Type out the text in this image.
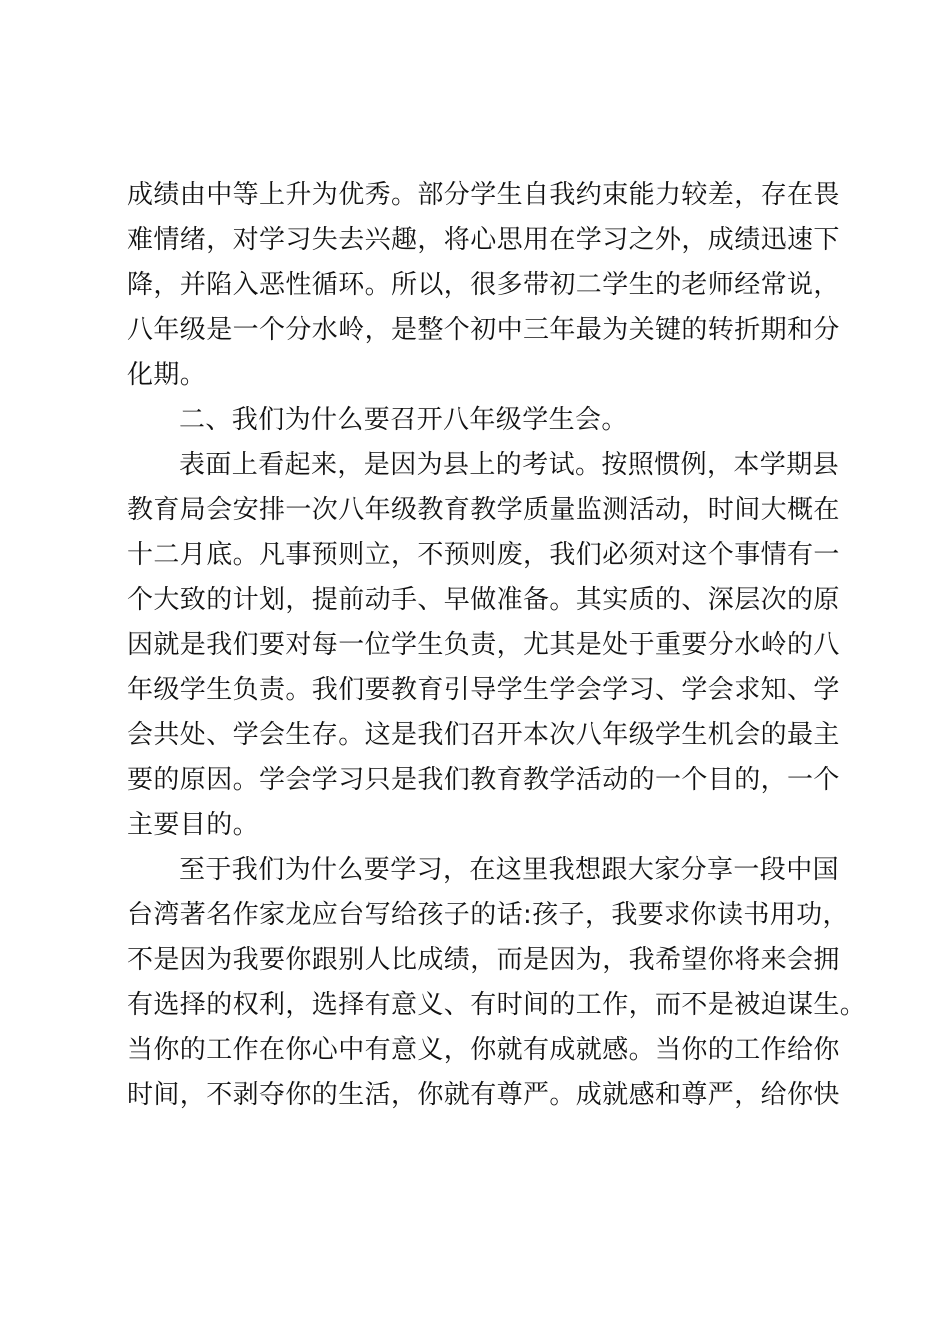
成绩由中等上升为优秀。部分学生自我约束能力较差，存在畏
难情绪，对学习失去兴趣，将心思用在学习之外，成绩迅速下
降，并陷入恶性循环。所以，很多带初二学生的老师经常说，
八年级是一个分水岭，是整个初中三年最为关键的转折期和分
化期。
二、我们为什么要召开八年级学生会。
表面上看起来，是因为县上的考试。按照惯例，本学期县
教育局会安排一次八年级教育教学质量监测活动，时间大概在
十二月底。凡事预则立，不预则废，我们必须对这个事情有一
个大致的计划，提前动手、早做准备。其实质的、深层次的原
因就是我们要对每一位学生负责，尤其是处于重要分水岭的八
年级学生负责。我们要教育引导学生学会学习、学会求知、学
会共处、学会生存。这是我们召开本次八年级学生机会的最主
要的原因。学会学习只是我们教育教学活动的一个目的，一个
主要目的。
至于我们为什么要学习，在这里我想跟大家分享一段中国
台湾著名作家龙应台写给孩子的话:孩子，我要求你读书用功，
不是因为我要你跟别人比成绩，而是因为，我希望你将来会拥
有选择的权利，选择有意义、有时间的工作，而不是被迫谋生。
当你的工作在你心中有意义，你就有成就感。当你的工作给你
时间，不剥夺你的生活，你就有尊严。成就感和尊严，给你快
